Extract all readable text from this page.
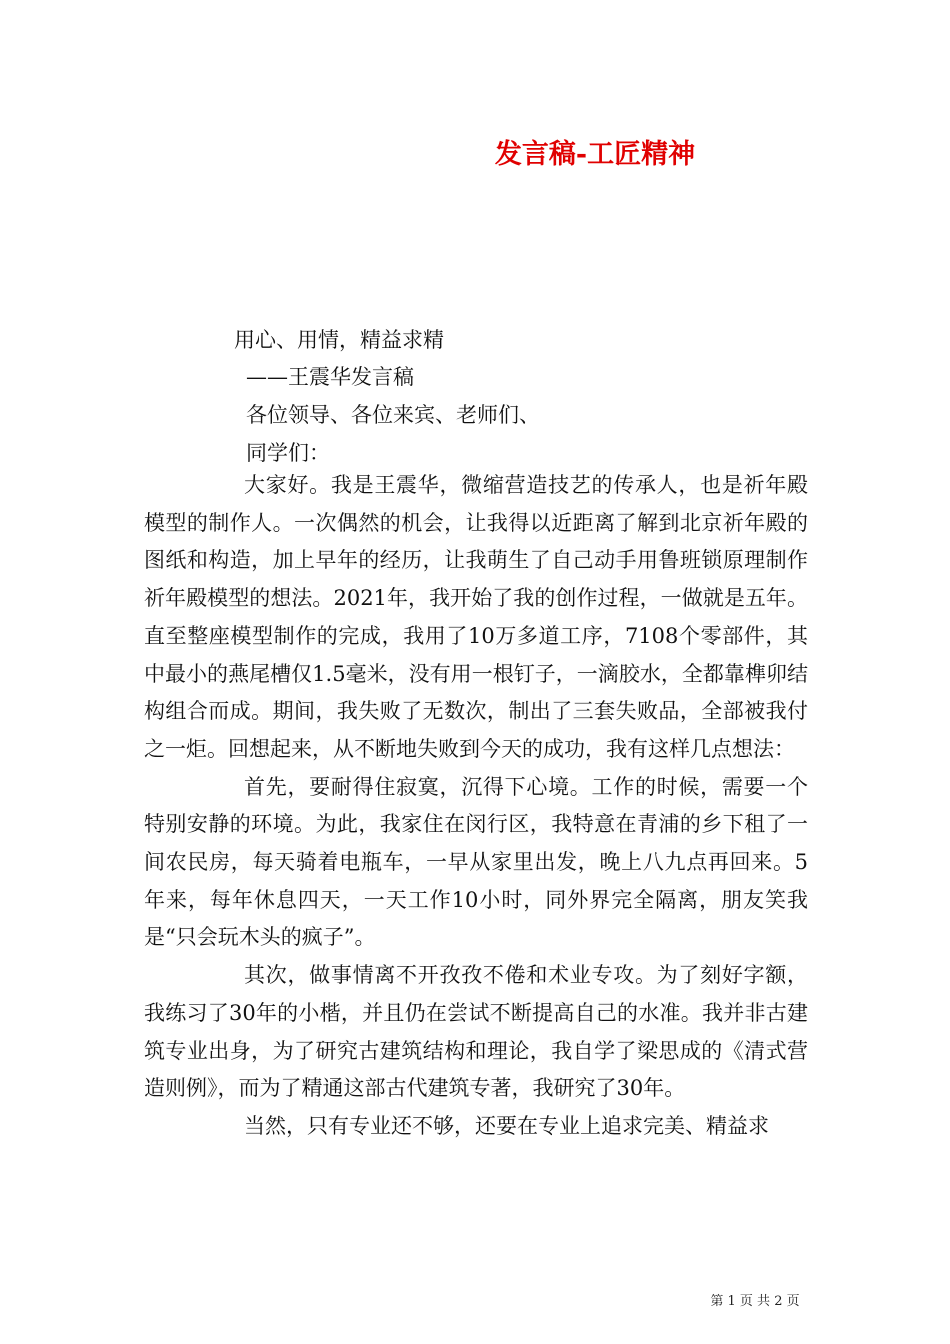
发言稿-工匠精神
用心、用情，精益求精
——王震华发言稿
各位领导、各位来宾、老师们、
同学们：

大家好。我是王震华，微缩营造技艺的传承人，也是祈年殿模型的制作人。一次偶然的机会，让我得以近距离了解到北京祈年殿的图纸和构造，加上早年的经历，让我萌生了自己动手用鲁班锁原理制作祈年殿模型的想法。2021年，我开始了我的创作过程，一做就是五年。直至整座模型制作的完成，我用了10万多道工序，7108个零部件，其中最小的燕尾槽仅1.5毫米，没有用一根钉子，一滴胶水，全都靠榫卯结构组合而成。期间，我失败了无数次，制出了三套失败品，全部被我付之一炬。回想起来，从不断地失败到今天的成功，我有这样几点想法：

首先，要耐得住寂寞，沉得下心境。工作的时候，需要一个特别安静的环境。为此，我家住在闵行区，我特意在青浦的乡下租了一间农民房，每天骑着电瓶车，一早从家里出发，晚上八九点再回来。5年来，每年休息四天，一天工作10小时，同外界完全隔离，朋友笑我是“只会玩木头的疯子”。

其次，做事情离不开孜孜不倦和术业专攻。为了刻好字额，我练习了30年的小楷，并且仍在尝试不断提高自己的水准。我并非古建筑专业出身，为了研究古建筑结构和理论，我自学了梁思成的《清式营造则例》，而为了精通这部古代建筑专著，我研究了30年。

当然，只有专业还不够，还要在专业上追求完美、精益求

第 1 页 共 2 页
